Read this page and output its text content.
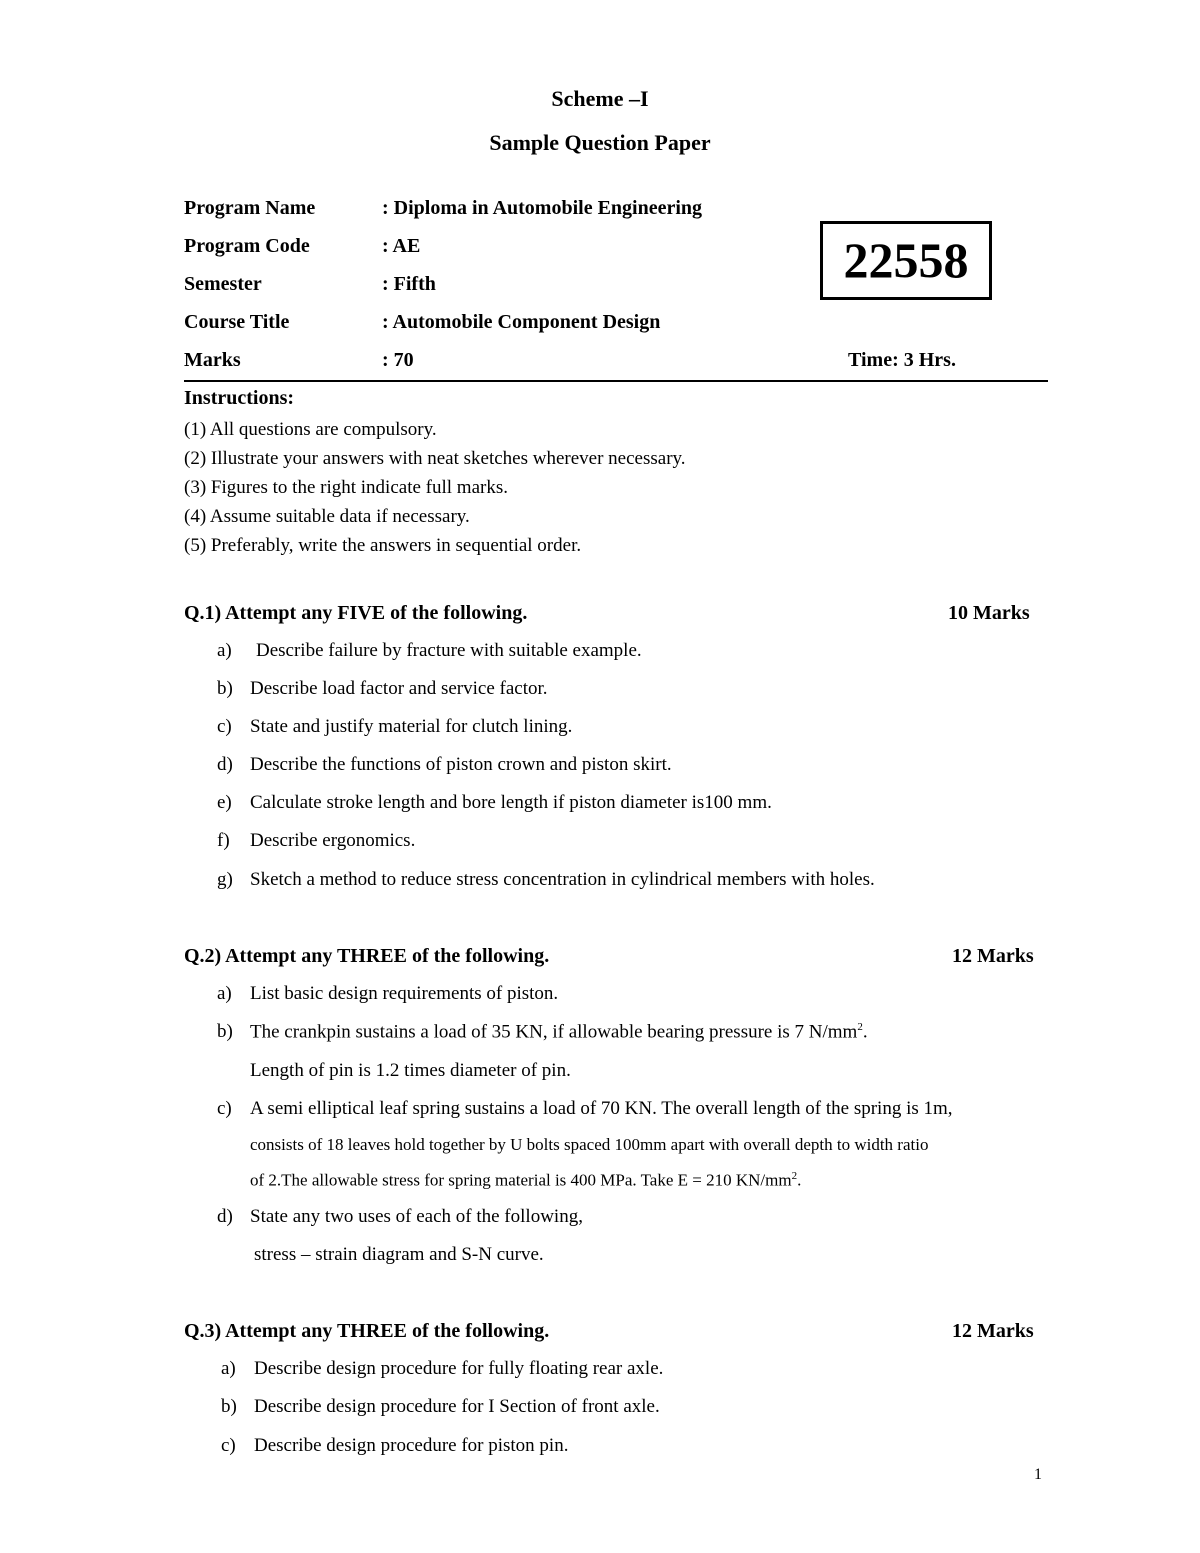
Scheme –I
Sample Question Paper
Program Name	: Diploma in Automobile Engineering
Program Code	: AE
Semester	: Fifth
Course Title	: Automobile Component Design
Marks	: 70	Time: 3 Hrs.
22558
Instructions:
(1) All questions are compulsory.
(2) Illustrate your answers with neat sketches wherever necessary.
(3) Figures to the right indicate full marks.
(4) Assume suitable data if necessary.
(5) Preferably, write the answers in sequential order.
Q.1) Attempt any FIVE of the following.	10 Marks
a) Describe failure by fracture with suitable example.
b) Describe load factor and service factor.
c) State and justify material for clutch lining.
d) Describe the functions of piston crown and piston skirt.
e) Calculate stroke length and bore length if piston diameter is100 mm.
f) Describe ergonomics.
g) Sketch a method to reduce stress concentration in cylindrical members with holes.
Q.2) Attempt any THREE of the following.	12 Marks
a) List basic design requirements of piston.
b) The crankpin sustains a load of 35 KN, if allowable bearing pressure is 7 $N/mm^2$.
Length of pin is 1.2 times diameter of pin.
c) A semi elliptical leaf spring sustains a load of 70 KN. The overall length of the spring is 1m,
consists of 18 leaves hold together by U bolts spaced 100mm apart with overall depth to width ratio
of 2.The allowable stress for spring material is 400 MPa. Take E = 210 $KN/mm^2$.
d) State any two uses of each of the following,
stress – strain diagram and S-N curve.
Q.3) Attempt any THREE of the following.	12 Marks
a) Describe design procedure for fully floating rear axle.
b) Describe design procedure for I Section of front axle.
c) Describe design procedure for piston pin.
1
